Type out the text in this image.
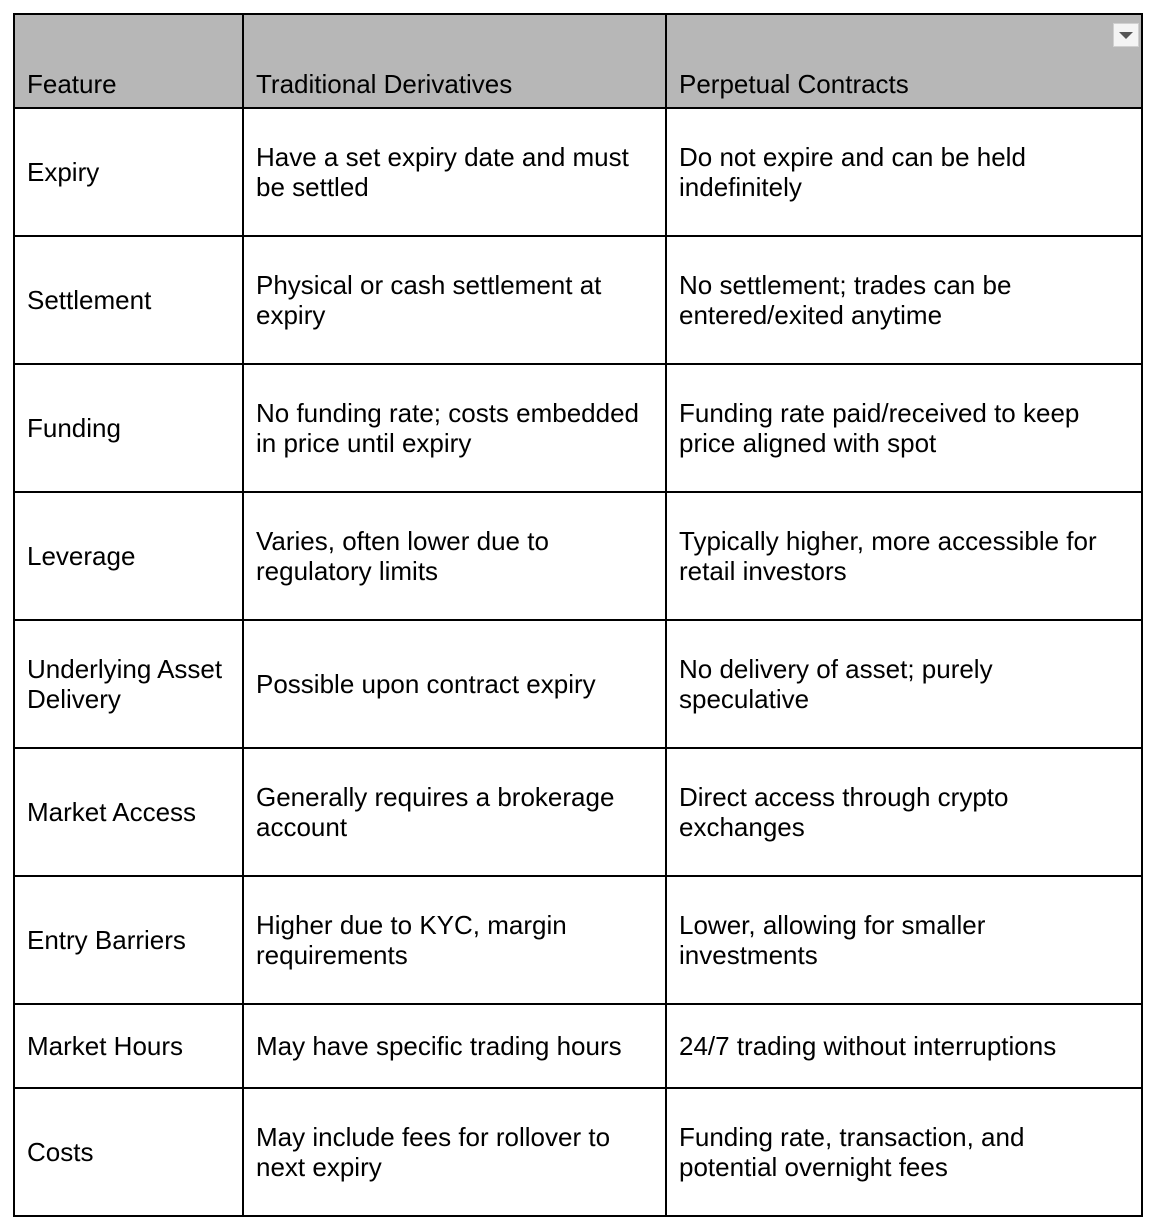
Feature	Traditional Derivatives	Perpetual Contracts

Expiry	Have a set expiry date and must be settled	Do not expire and can be held indefinitely
Settlement	Physical or cash settlement at expiry	No settlement; trades can be entered/exited anytime
Funding	No funding rate; costs embedded in price until expiry	Funding rate paid/received to keep price aligned with spot
Leverage	Varies, often lower due to regulatory limits	Typically higher, more accessible for retail investors
Underlying Asset Delivery	Possible upon contract expiry	No delivery of asset; purely speculative
Market Access	Generally requires a brokerage account	Direct access through crypto exchanges
Entry Barriers	Higher due to KYC, margin requirements	Lower, allowing for smaller investments
Market Hours	May have specific trading hours	24/7 trading without interruptions
Costs	May include fees for rollover to next expiry	Funding rate, transaction, and potential overnight fees
